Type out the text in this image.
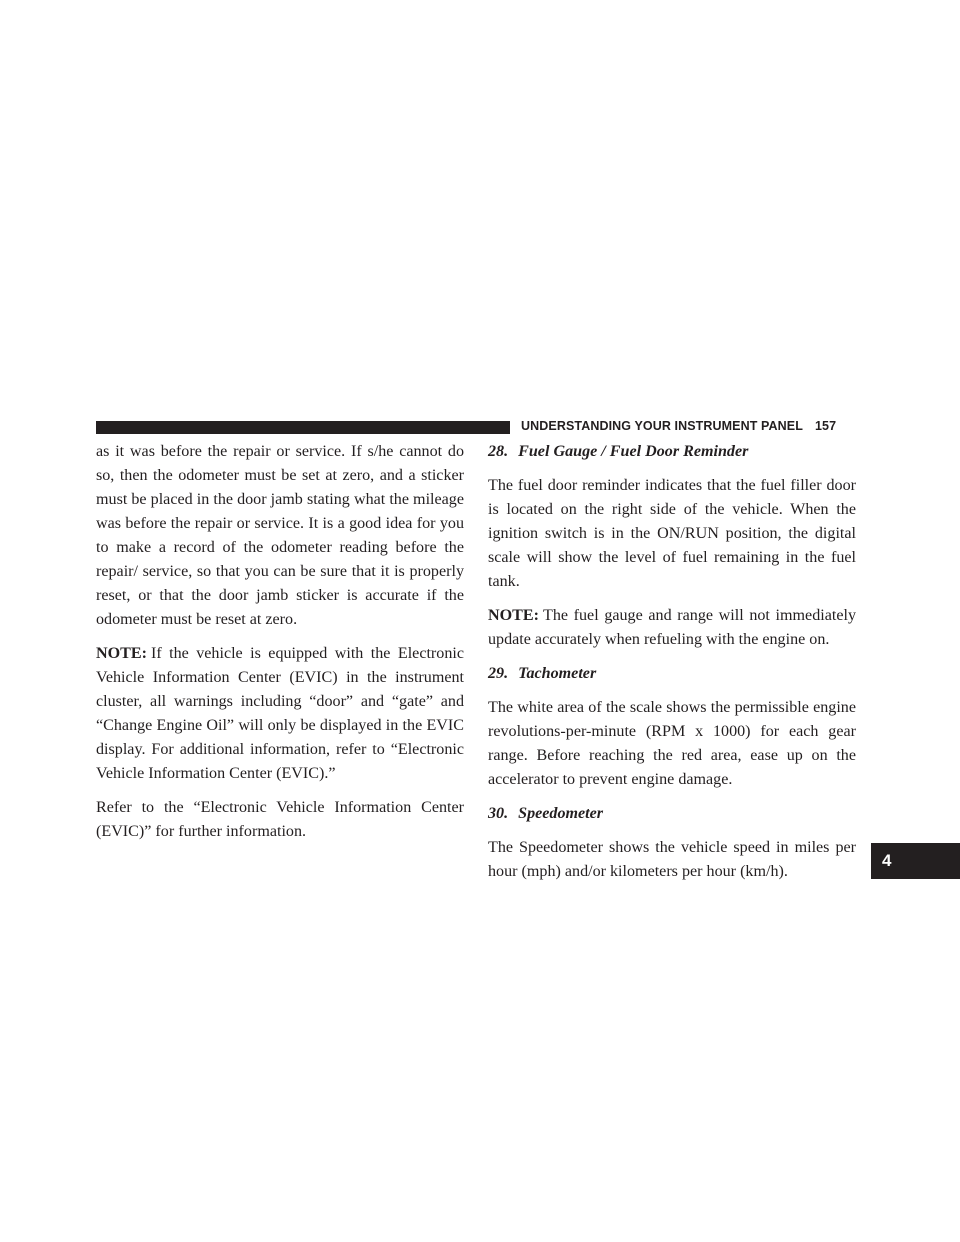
UNDERSTANDING YOUR INSTRUMENT PANEL 157
4

as it was before the repair or service. If s/he cannot do so, then the odometer must be set at zero, and a sticker must be placed in the door jamb stating what the mileage was before the repair or service. It is a good idea for you to make a record of the odometer reading before the repair/ service, so that you can be sure that it is properly reset, or that the door jamb sticker is accurate if the odometer must be reset at zero.

NOTE: If the vehicle is equipped with the Electronic Vehicle Information Center (EVIC) in the instrument cluster, all warnings including “door” and “gate” and “Change Engine Oil” will only be displayed in the EVIC display. For additional information, refer to “Electronic Vehicle Information Center (EVIC).”

Refer to the “Electronic Vehicle Information Center (EVIC)” for further information.

28. Fuel Gauge / Fuel Door Reminder

The fuel door reminder indicates that the fuel filler door is located on the right side of the vehicle. When the ignition switch is in the ON/RUN position, the digital scale will show the level of fuel remaining in the fuel tank.

NOTE: The fuel gauge and range will not immediately update accurately when refueling with the engine on.

29. Tachometer

The white area of the scale shows the permissible engine revolutions-per-minute (RPM x 1000) for each gear range. Before reaching the red area, ease up on the accelerator to prevent engine damage.

30. Speedometer

The Speedometer shows the vehicle speed in miles per hour (mph) and/or kilometers per hour (km/h).
